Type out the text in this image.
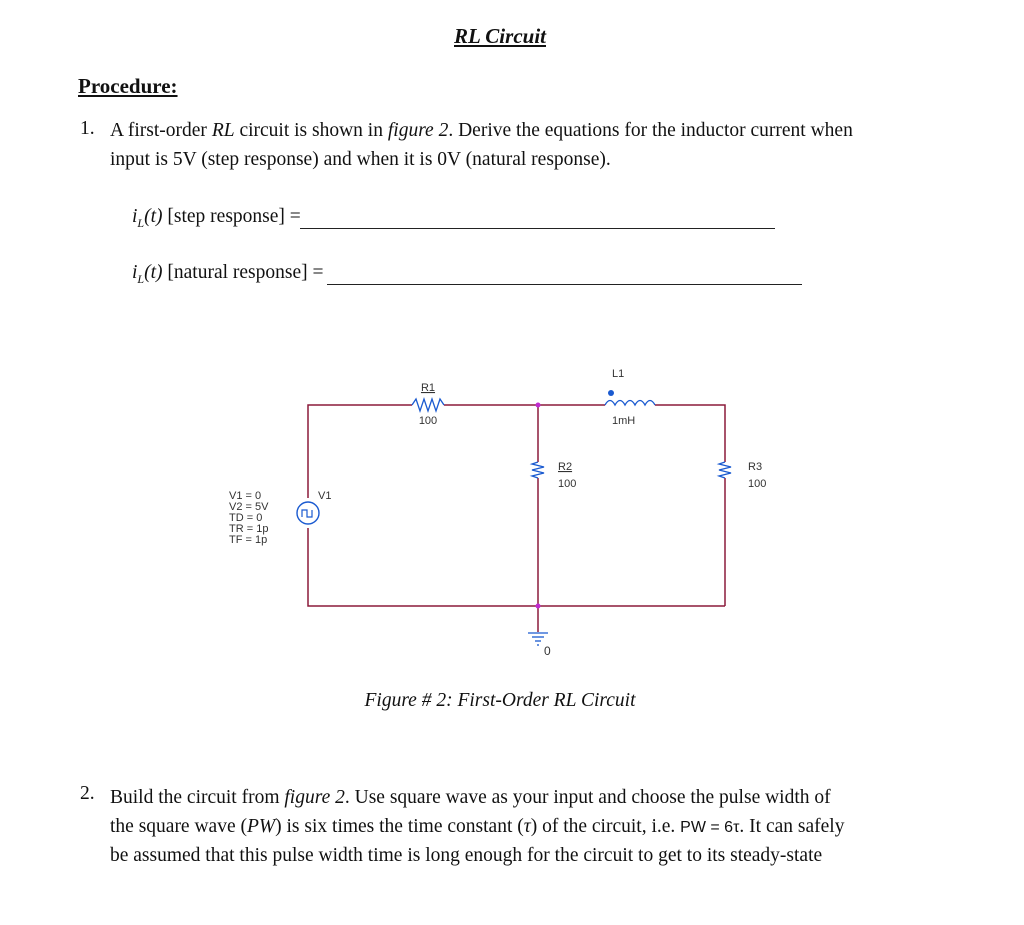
RL Circuit
Procedure:
1. A first-order RL circuit is shown in figure 2. Derive the equations for the inductor current when
input is 5V (step response) and when it is 0V (natural response).
$i_L(t)$ [step response] =
$i_L(t)$ [natural response] =
R1
100
R2
100
R3
100
L1
1mH
V1
V1 = 0
V2 = 5V
TD = 0
TR = 1p
TF = 1p
0
Figure # 2: First-Order RL Circuit
2. Build the circuit from figure 2. Use square wave as your input and choose the pulse width of
the square wave (PW) is six times the time constant (τ) of the circuit, i.e. PW = 6τ. It can safely
be assumed that this pulse width time is long enough for the circuit to get to its steady-state
